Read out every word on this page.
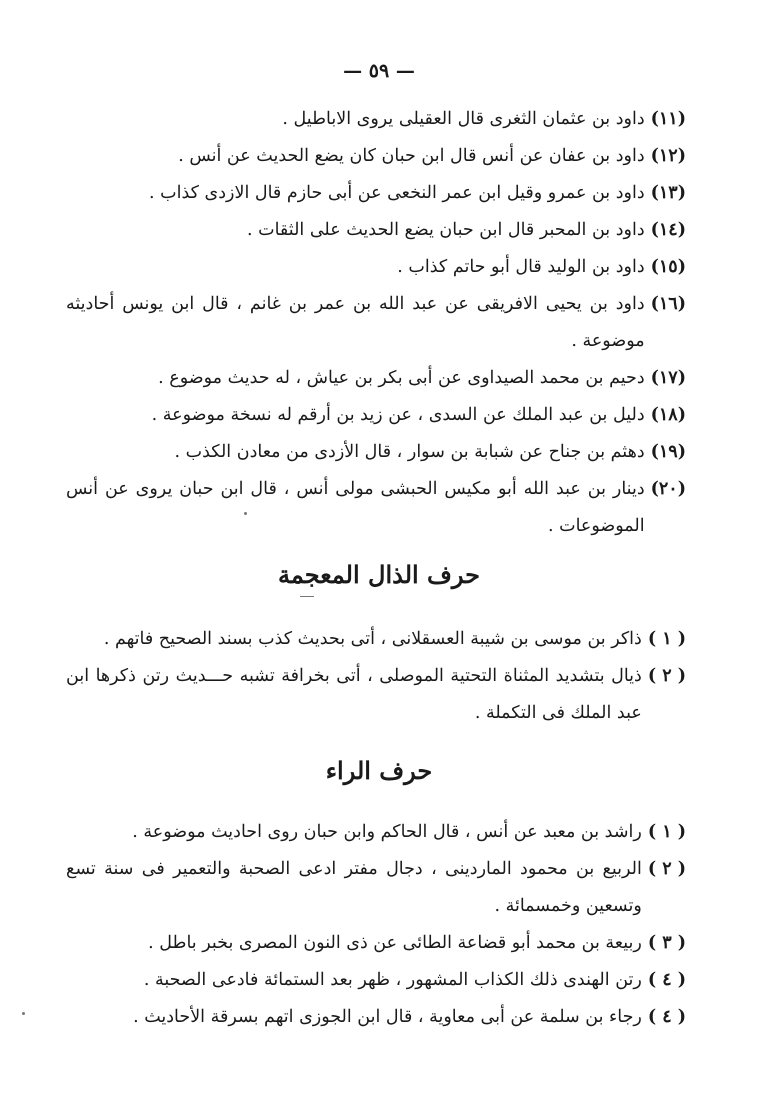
— ٥٩ —
(١١)
داود بن عثمان الثغرى قال العقيلى يروى الاباطيل .
(١٢)
داود بن عفان عن أنس قال ابن حبان كان يضع الحديث عن أنس .
(١٣)
داود بن عمرو وقيل ابن عمر النخعى عن أبى حازم قال الازدى كذاب .
(١٤)
داود بن المحبر قال ابن حبان يضع الحديث على الثقات .
(١٥)
داود بن الوليد قال أبو حاتم كذاب .
(١٦)
داود بن يحيى الافريقى عن عبد الله بن عمر بن غانم ، قال ابن يونس أحاديثه موضوعة .
(١٧)
دحيم بن محمد الصيداوى عن أبى بكر بن عياش ، له حديث موضوع .
(١٨)
دليل بن عبد الملك عن السدى ، عن زيد بن أرقم له نسخة موضوعة .
(١٩)
دهثم بن جناح عن شبابة بن سوار ، قال الأزدى من معادن الكذب .
(٢٠)
دينار بن عبد الله أبو مكيس الحبشى مولى أنس ، قال ابن حبان يروى عن أنس الموضوعات .
حرف الذال المعجمة
( ١ )
ذاكر بن موسى بن شيبة العسقلانى ، أتى بحديث كذب بسند الصحيح فاتهم .
( ٢ )
ذيال بتشديد المثناة التحتية الموصلى ، أتى بخرافة تشبه حـــديث رتن ذكرها ابن عبد الملك فى التكملة .
حرف الراء
( ١ )
راشد بن معبد عن أنس ، قال الحاكم وابن حبان روى احاديث موضوعة .
( ٢ )
الربيع بن محمود الماردينى ، دجال مفتر ادعى الصحبة والتعمير فى سنة تسع وتسعين وخمسمائة .
( ٣ )
ربيعة بن محمد أبو قضاعة الطائى عن ذى النون المصرى بخبر باطل .
( ٤ )
رتن الهندى ذلك الكذاب المشهور ، ظهر بعد الستمائة فادعى الصحبة .
( ٤ )
رجاء بن سلمة عن أبى معاوية ، قال ابن الجوزى اتهم بسرقة الأحاديث .
